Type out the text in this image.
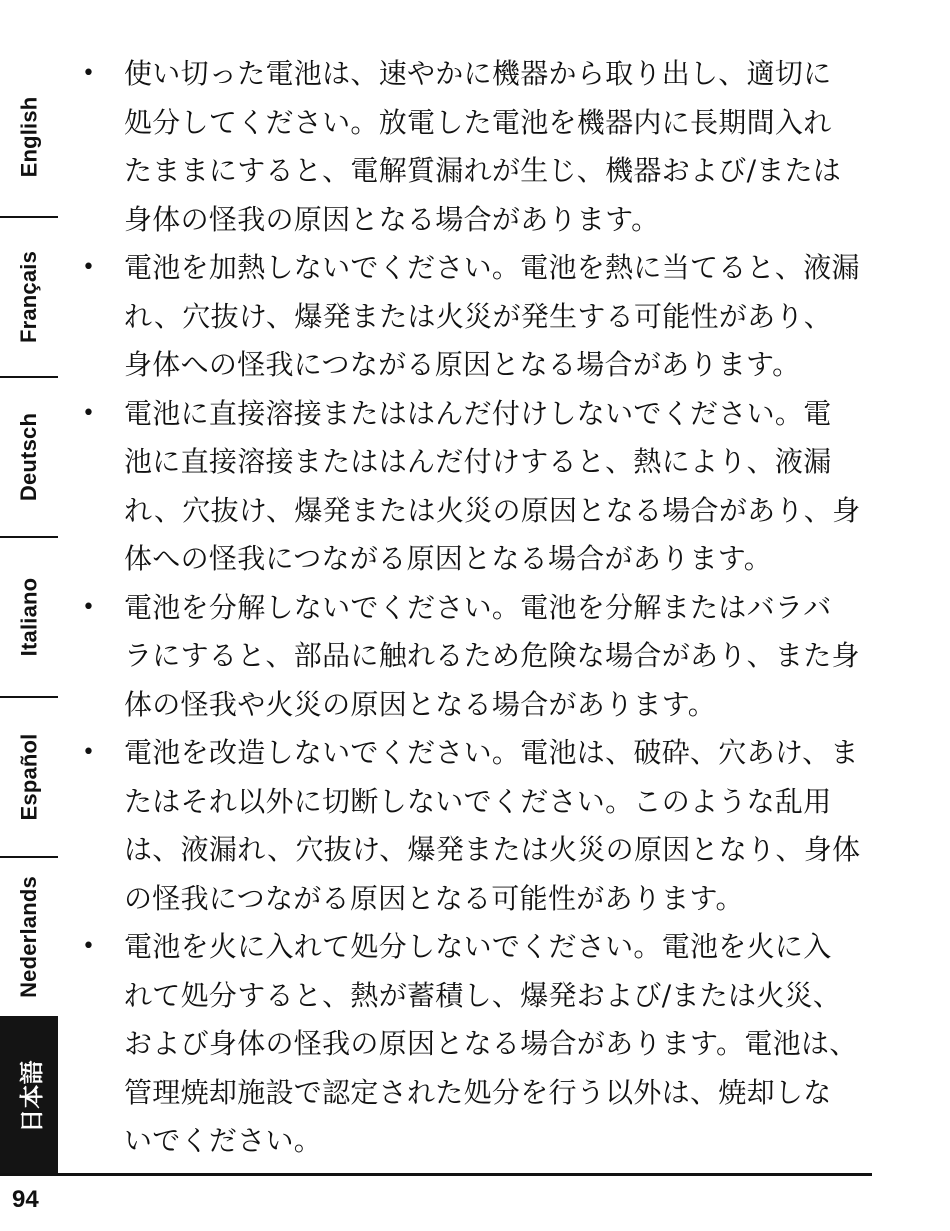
English
Français
Deutsch
Italiano
Español
Nederlands
日本語
• 使い切った電池は、速やかに機器から取り出し、適切に
処分してください。放電した電池を機器内に長期間入れ
たままにすると、電解質漏れが生じ、機器および/または
身体の怪我の原因となる場合があります。
• 電池を加熱しないでください。電池を熱に当てると、液漏
れ、穴抜け、爆発または火災が発生する可能性があり、
身体への怪我につながる原因となる場合があります。
• 電池に直接溶接またははんだ付けしないでください。電
池に直接溶接またははんだ付けすると、熱により、液漏
れ、穴抜け、爆発または火災の原因となる場合があり、身
体への怪我につながる原因となる場合があります。
• 電池を分解しないでください。電池を分解またはバラバ
ラにすると、部品に触れるため危険な場合があり、また身
体の怪我や火災の原因となる場合があります。
• 電池を改造しないでください。電池は、破砕、穴あけ、ま
たはそれ以外に切断しないでください。このような乱用
は、液漏れ、穴抜け、爆発または火災の原因となり、身体
の怪我につながる原因となる可能性があります。
• 電池を火に入れて処分しないでください。電池を火に入
れて処分すると、熱が蓄積し、爆発および/または火災、
および身体の怪我の原因となる場合があります。電池は、
管理焼却施設で認定された処分を行う以外は、焼却しな
いでください。
94
